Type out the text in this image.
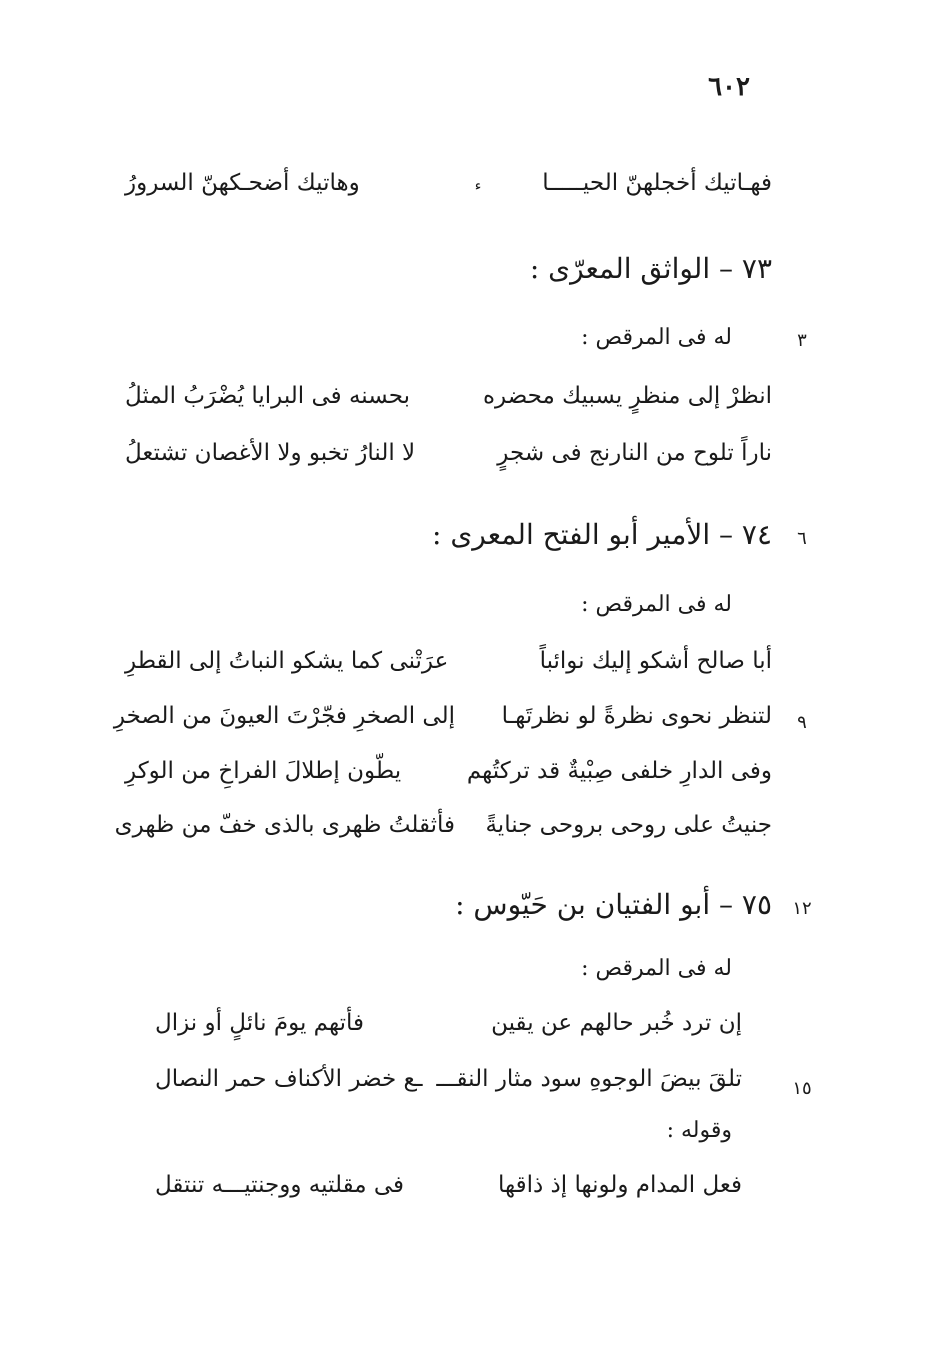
٦٠٢
فهـاتيك أخجلهنّ الحيـــــا
ء
وهاتيك أضحـكهنّ السرورُ
٧٣ – الواثق المعرّى :
٣
له فى المرقص :
انظرْ إلى منظرٍ يسبيك محضره
بحسنه فى البرايا يُضْرَبُ المثلُ
ناراً تلوح من النارنج فى شجرٍ
لا النارُ تخبو ولا الأغصان تشتعلُ
٦
٧٤ – الأمير أبو الفتح المعرى :
له فى المرقص :
أبا صالح أشكو إليك نوائباً
عرَتْنى كما يشكو النباتُ إلى القطرِ
٩
لتنظر نحوى نظرةً لو نظرتَهـا
إلى الصخرِ فجّرْتَ العيونَ من الصخرِ
وفى الدارِ خلفى صِبْيةٌ قد تركتُهم
يطّون إطلالَ الفراخِ من الوكرِ
جنيتُ على روحى بروحى جنايةً
فأثقلتُ ظهرى بالذى خفّ من ظهرى
١٢
٧٥ – أبو الفتيان بن حَيّوس :
له فى المرقص :
إن ترد خُبر حالهم عن يقين
فأتهم يومَ نائلٍ أو نزال
١٥
تلقَ بيضَ الوجوهِ سود مثار النقـــ
ـع خضر الأكناف حمر النصال
وقوله :
فعل المدام ولونها إذ ذاقها
فى مقلتيه ووجنتيـــه تنتقل
